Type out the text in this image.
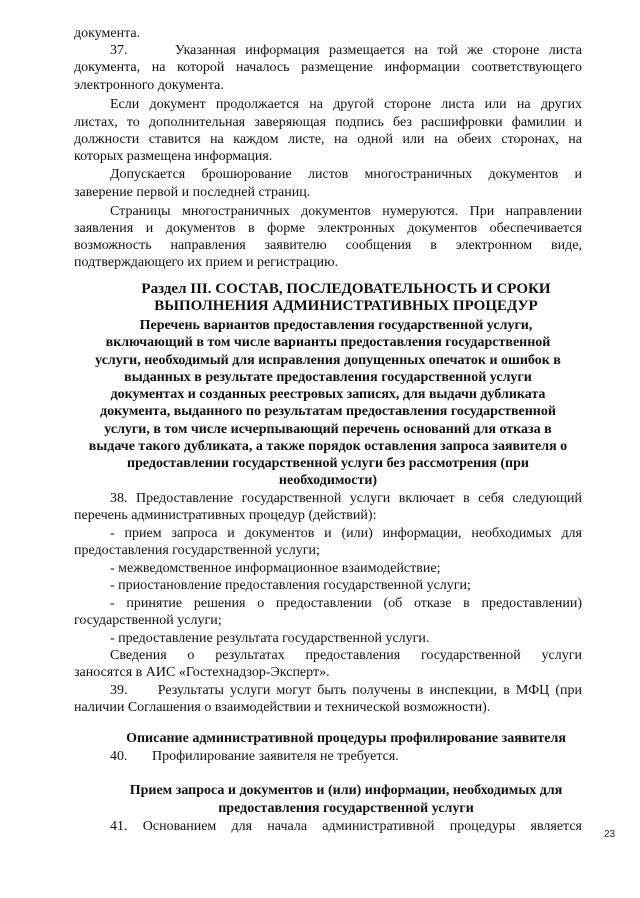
документа.
37.     Указанная информация размещается на той же стороне листа
документа, на которой началось размещение информации соответствующего
электронного документа.
Если документ продолжается на другой стороне листа или на других
листах, то дополнительная заверяющая подпись без расшифровки фамилии и
должности ставится на каждом листе, на одной или на обеих сторонах, на
которых размещена информация.
Допускается брошюрование листов многостраничных документов и
заверение первой и последней страниц.
Страницы многостраничных документов нумеруются. При направлении
заявления и документов в форме электронных документов обеспечивается
возможность направления заявителю сообщения в электронном виде,
подтверждающего их прием и регистрацию.
Раздел III. СОСТАВ, ПОСЛЕДОВАТЕЛЬНОСТЬ И СРОКИ
ВЫПОЛНЕНИЯ АДМИНИСТРАТИВНЫХ ПРОЦЕДУР
Перечень вариантов предоставления государственной услуги,
включающий в том числе варианты предоставления государственной
услуги, необходимый для исправления допущенных опечаток и ошибок в
выданных в результате предоставления государственной услуги
документах и созданных реестровых записях, для выдачи дубликата
документа, выданного по результатам предоставления государственной
услуги, в том числе исчерпывающий перечень оснований для отказа в
выдаче такого дубликата, а также порядок оставления запроса заявителя о
предоставлении государственной услуги без рассмотрения (при
необходимости)
38. Предоставление государственной услуги включает в себя следующий
перечень административных процедур (действий):
- прием запроса и документов и (или) информации, необходимых для
предоставления государственной услуги;
- межведомственное информационное взаимодействие;
- приостановление предоставления государственной услуги;
- принятие решения о предоставлении (об отказе в предоставлении)
государственной услуги;
- предоставление результата государственной услуги.
Сведения о результатах предоставления государственной услуги
заносятся в АИС «Гостехнадзор-Эксперт».
39.     Результаты услуги могут быть получены в инспекции, в МФЦ (при
наличии Соглашения о взаимодействии и технической возможности).
Описание административной процедуры профилирование заявителя
40.       Профилирование заявителя не требуется.
Прием запроса и документов и (или) информации, необходимых для
предоставления государственной услуги
41. Основанием для начала административной процедуры является
23
